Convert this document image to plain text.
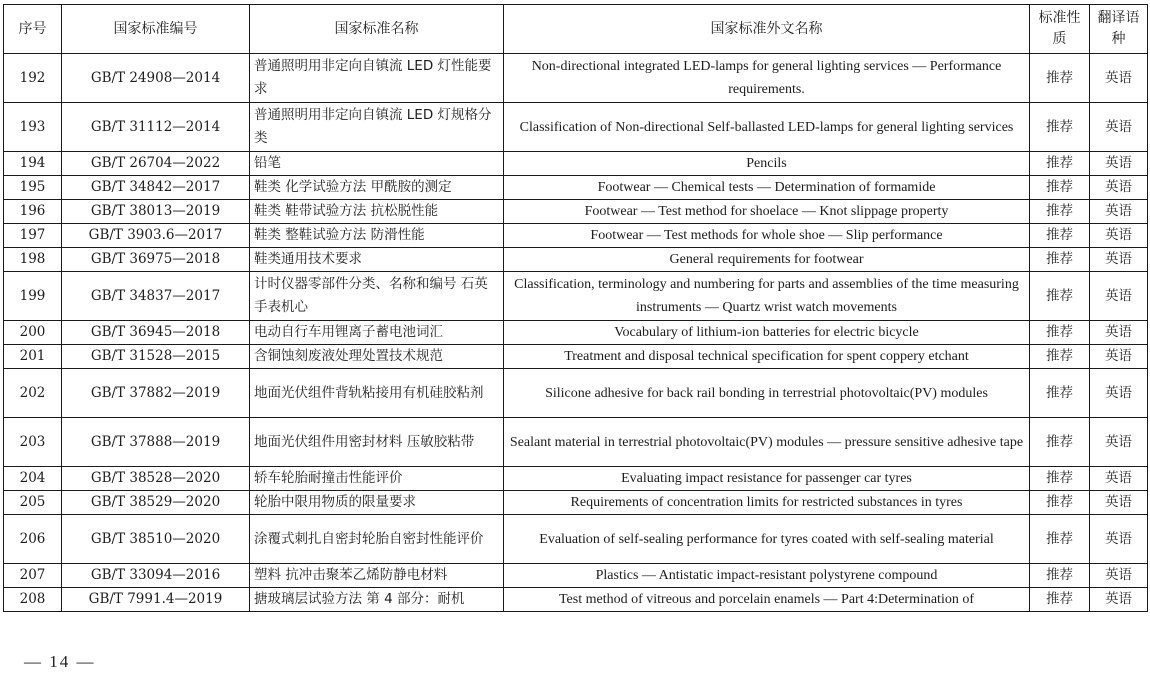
序号	国家标准编号	国家标准名称	国家标准外文名称	标准性质	翻译语种
192	GB/T 24908—2014	普通照明用非定向自镇流 LED 灯性能要求	Non-directional integrated LED-lamps for general lighting services — Performance requirements.	推荐	英语
193	GB/T 31112—2014	普通照明用非定向自镇流 LED 灯规格分类	Classification of Non-directional Self-ballasted LED-lamps for general lighting services	推荐	英语
194	GB/T 26704—2022	铅笔	Pencils	推荐	英语
195	GB/T 34842—2017	鞋类 化学试验方法 甲酰胺的测定	Footwear — Chemical tests — Determination of formamide	推荐	英语
196	GB/T 38013—2019	鞋类 鞋带试验方法 抗松脱性能	Footwear — Test method for shoelace — Knot slippage property	推荐	英语
197	GB/T 3903.6—2017	鞋类 整鞋试验方法 防滑性能	Footwear — Test methods for whole shoe — Slip performance	推荐	英语
198	GB/T 36975—2018	鞋类通用技术要求	General requirements for footwear	推荐	英语
199	GB/T 34837—2017	计时仪器零部件分类、名称和编号 石英手表机心	Classification, terminology and numbering for parts and assemblies of the time measuring instruments — Quartz wrist watch movements	推荐	英语
200	GB/T 36945—2018	电动自行车用锂离子蓄电池词汇	Vocabulary of lithium-ion batteries for electric bicycle	推荐	英语
201	GB/T 31528—2015	含铜蚀刻废液处理处置技术规范	Treatment and disposal technical specification for spent coppery etchant	推荐	英语
202	GB/T 37882—2019	地面光伏组件背轨粘接用有机硅胶粘剂	Silicone adhesive for back rail bonding in terrestrial photovoltaic(PV) modules	推荐	英语
203	GB/T 37888—2019	地面光伏组件用密封材料 压敏胶粘带	Sealant material in terrestrial photovoltaic(PV) modules — pressure sensitive adhesive tape	推荐	英语
204	GB/T 38528—2020	轿车轮胎耐撞击性能评价	Evaluating impact resistance for passenger car tyres	推荐	英语
205	GB/T 38529—2020	轮胎中限用物质的限量要求	Requirements of concentration limits for restricted substances in tyres	推荐	英语
206	GB/T 38510—2020	涂覆式刺扎自密封轮胎自密封性能评价	Evaluation of self-sealing performance for tyres coated with self-sealing material	推荐	英语
207	GB/T 33094—2016	塑料 抗冲击聚苯乙烯防静电材料	Plastics — Antistatic impact-resistant polystyrene compound	推荐	英语
208	GB/T 7991.4—2019	搪玻璃层试验方法 第 4 部分：耐机	Test method of vitreous and porcelain enamels — Part 4:Determination of	推荐	英语
— 14 —
